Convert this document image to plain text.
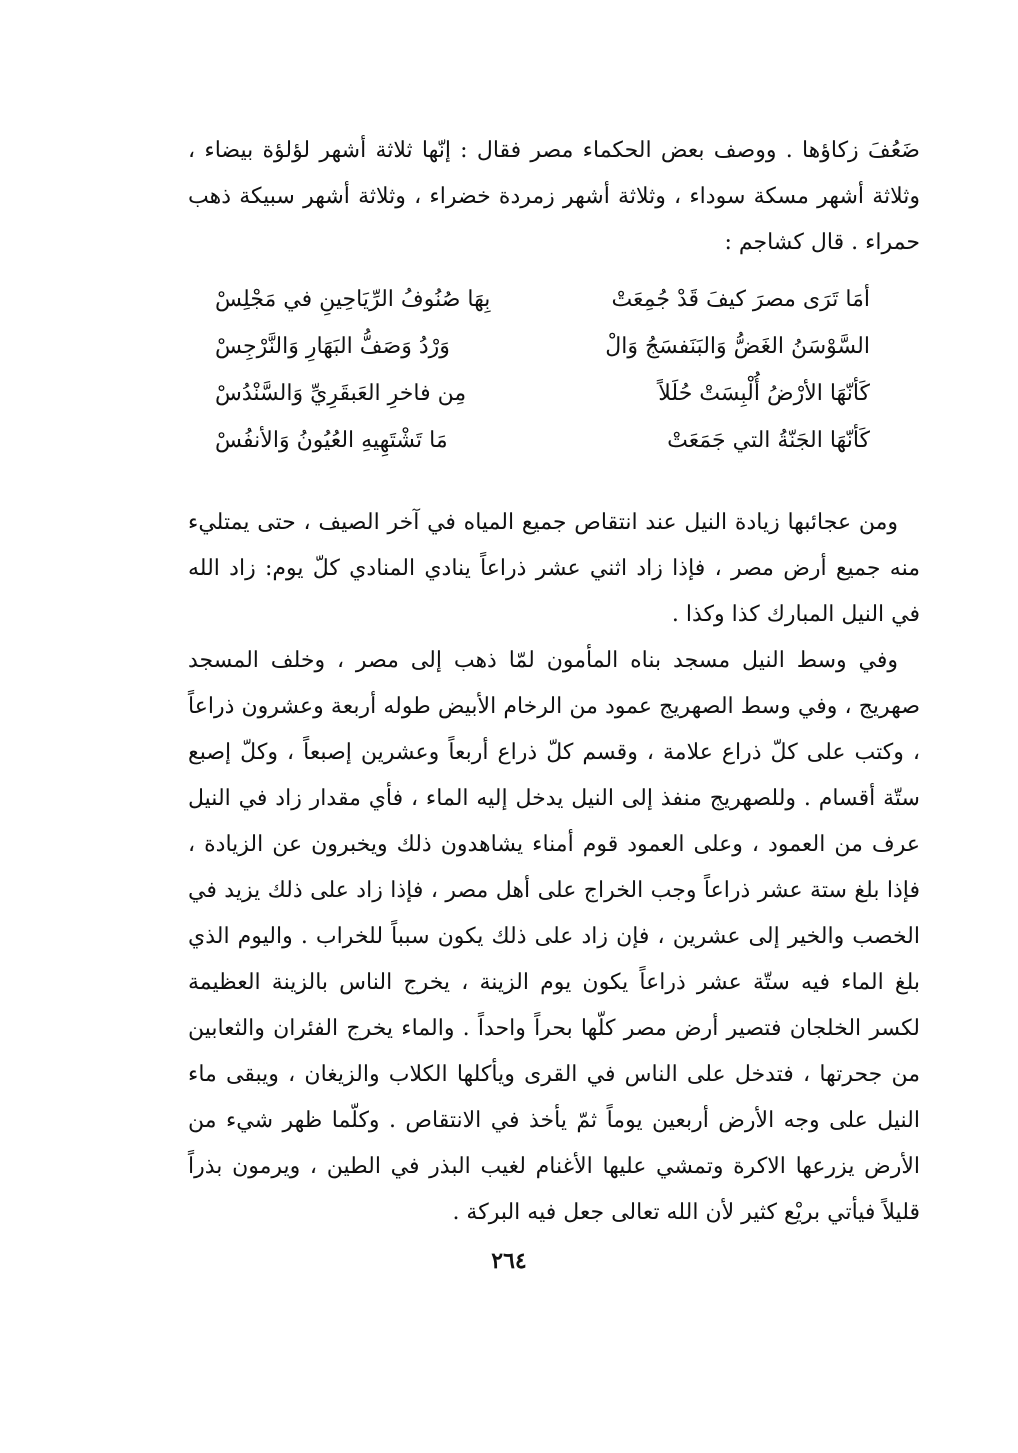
ضَعُفَ زكاؤها . ووصف بعض الحكماء مصر فقال : إنّها ثلاثة أشهر لؤلؤة بيضاء ، وثلاثة أشهر مسكة سوداء ، وثلاثة أشهر زمردة خضراء ، وثلاثة أشهر سبيكة ذهب حمراء . قال كشاجم :

أمَا تَرَى مصرَ كيفَ قَدْ جُمِعَتْ
بِهَا صُنُوفُ الرِّيَاحِينِ في مَجْلِسْ
السَّوْسَنُ الغَضُّ وَالبَنَفسَجُ وَالْ
وَرْدُ وَصَفُّ البَهَارِ وَالنَّرْجِسْ
كَأنّهَا الأرْضُ أُلْبِسَتْ حُلَلاً
مِن فاخرِ العَبقَرِيِّ وَالسَّنْدُسْ
كَأنّهَا الجَنّةُ التي جَمَعَتْ
مَا تَشْتَهِيهِ العُيُونُ وَالأنفُسْ

ومن عجائبها زيادة النيل عند انتقاص جميع المياه في آخر الصيف ، حتى يمتليء منه جميع أرض مصر ، فإذا زاد اثني عشر ذراعاً ينادي المنادي كلّ يوم: زاد الله في النيل المبارك كذا وكذا .

وفي وسط النيل مسجد بناه المأمون لمّا ذهب إلى مصر ، وخلف المسجد صهريج ، وفي وسط الصهريج عمود من الرخام الأبيض طوله أربعة وعشرون ذراعاً ، وكتب على كلّ ذراع علامة ، وقسم كلّ ذراع أربعاً وعشرين إصبعاً ، وكلّ إصبع ستّة أقسام . وللصهريج منفذ إلى النيل يدخل إليه الماء ، فأي مقدار زاد في النيل عرف من العمود ، وعلى العمود قوم أمناء يشاهدون ذلك ويخبرون عن الزيادة ، فإذا بلغ ستة عشر ذراعاً وجب الخراج على أهل مصر ، فإذا زاد على ذلك يزيد في الخصب والخير إلى عشرين ، فإن زاد على ذلك يكون سبباً للخراب . واليوم الذي بلغ الماء فيه ستّة عشر ذراعاً يكون يوم الزينة ، يخرج الناس بالزينة العظيمة لكسر الخلجان فتصير أرض مصر كلّها بحراً واحداً . والماء يخرج الفئران والثعابين من جحرتها ، فتدخل على الناس في القرى ويأكلها الكلاب والزيغان ، ويبقى ماء النيل على وجه الأرض أربعين يوماً ثمّ يأخذ في الانتقاص . وكلّما ظهر شيء من الأرض يزرعها الاكرة وتمشي عليها الأغنام لغيب البذر في الطين ، ويرمون بذراً قليلاً فيأتي بريْع كثير لأن الله تعالى جعل فيه البركة .

٢٦٤
